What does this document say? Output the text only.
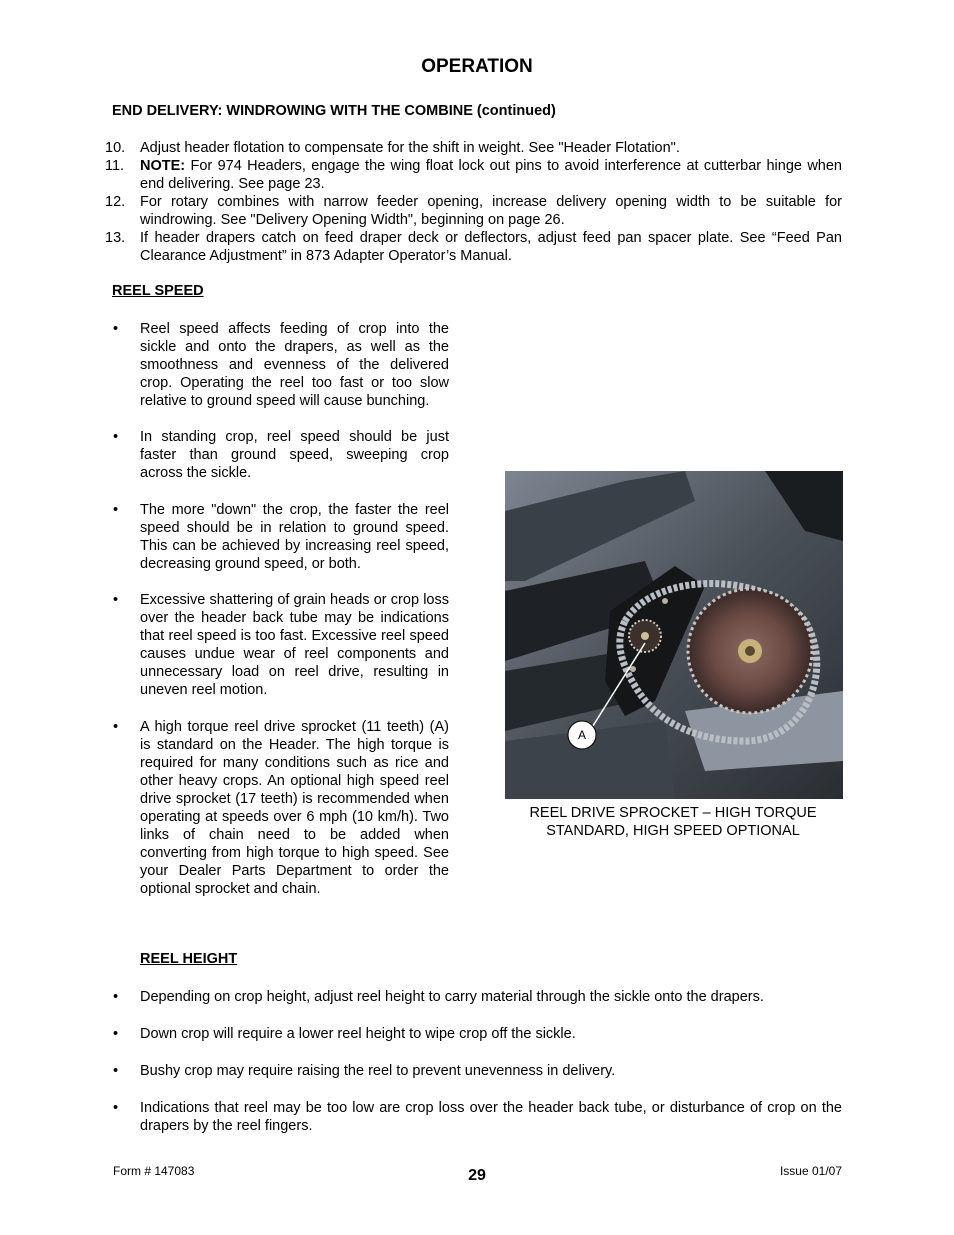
OPERATION
END DELIVERY: WINDROWING WITH THE COMBINE (continued)
10. Adjust header flotation to compensate for the shift in weight. See "Header Flotation".
11. NOTE: For 974 Headers, engage the wing float lock out pins to avoid interference at cutterbar hinge when end delivering. See page 23.
12. For rotary combines with narrow feeder opening, increase delivery opening width to be suitable for windrowing. See "Delivery Opening Width", beginning on page 26.
13. If header drapers catch on feed draper deck or deflectors, adjust feed pan spacer plate. See “Feed Pan Clearance Adjustment” in 873 Adapter Operator’s Manual.
REEL SPEED
• Reel speed affects feeding of crop into the sickle and onto the drapers, as well as the smoothness and evenness of the delivered crop. Operating the reel too fast or too slow relative to ground speed will cause bunching.
• In standing crop, reel speed should be just faster than ground speed, sweeping crop across the sickle.
• The more "down" the crop, the faster the reel speed should be in relation to ground speed. This can be achieved by increasing reel speed, decreasing ground speed, or both.
• Excessive shattering of grain heads or crop loss over the header back tube may be indications that reel speed is too fast. Excessive reel speed causes undue wear of reel components and unnecessary load on reel drive, resulting in uneven reel motion.
• A high torque reel drive sprocket (11 teeth) (A) is standard on the Header. The high torque is required for many conditions such as rice and other heavy crops. An optional high speed reel drive sprocket (17 teeth) is recommended when operating at speeds over 6 mph (10 km/h). Two links of chain need to be added when converting from high torque to high speed. See your Dealer Parts Department to order the optional sprocket and chain.
A
REEL DRIVE SPROCKET – HIGH TORQUE
STANDARD, HIGH SPEED OPTIONAL
REEL HEIGHT
• Depending on crop height, adjust reel height to carry material through the sickle onto the drapers.
• Down crop will require a lower reel height to wipe crop off the sickle.
• Bushy crop may require raising the reel to prevent unevenness in delivery.
• Indications that reel may be too low are crop loss over the header back tube, or disturbance of crop on the drapers by the reel fingers.
Form # 147083	29	Issue 01/07
